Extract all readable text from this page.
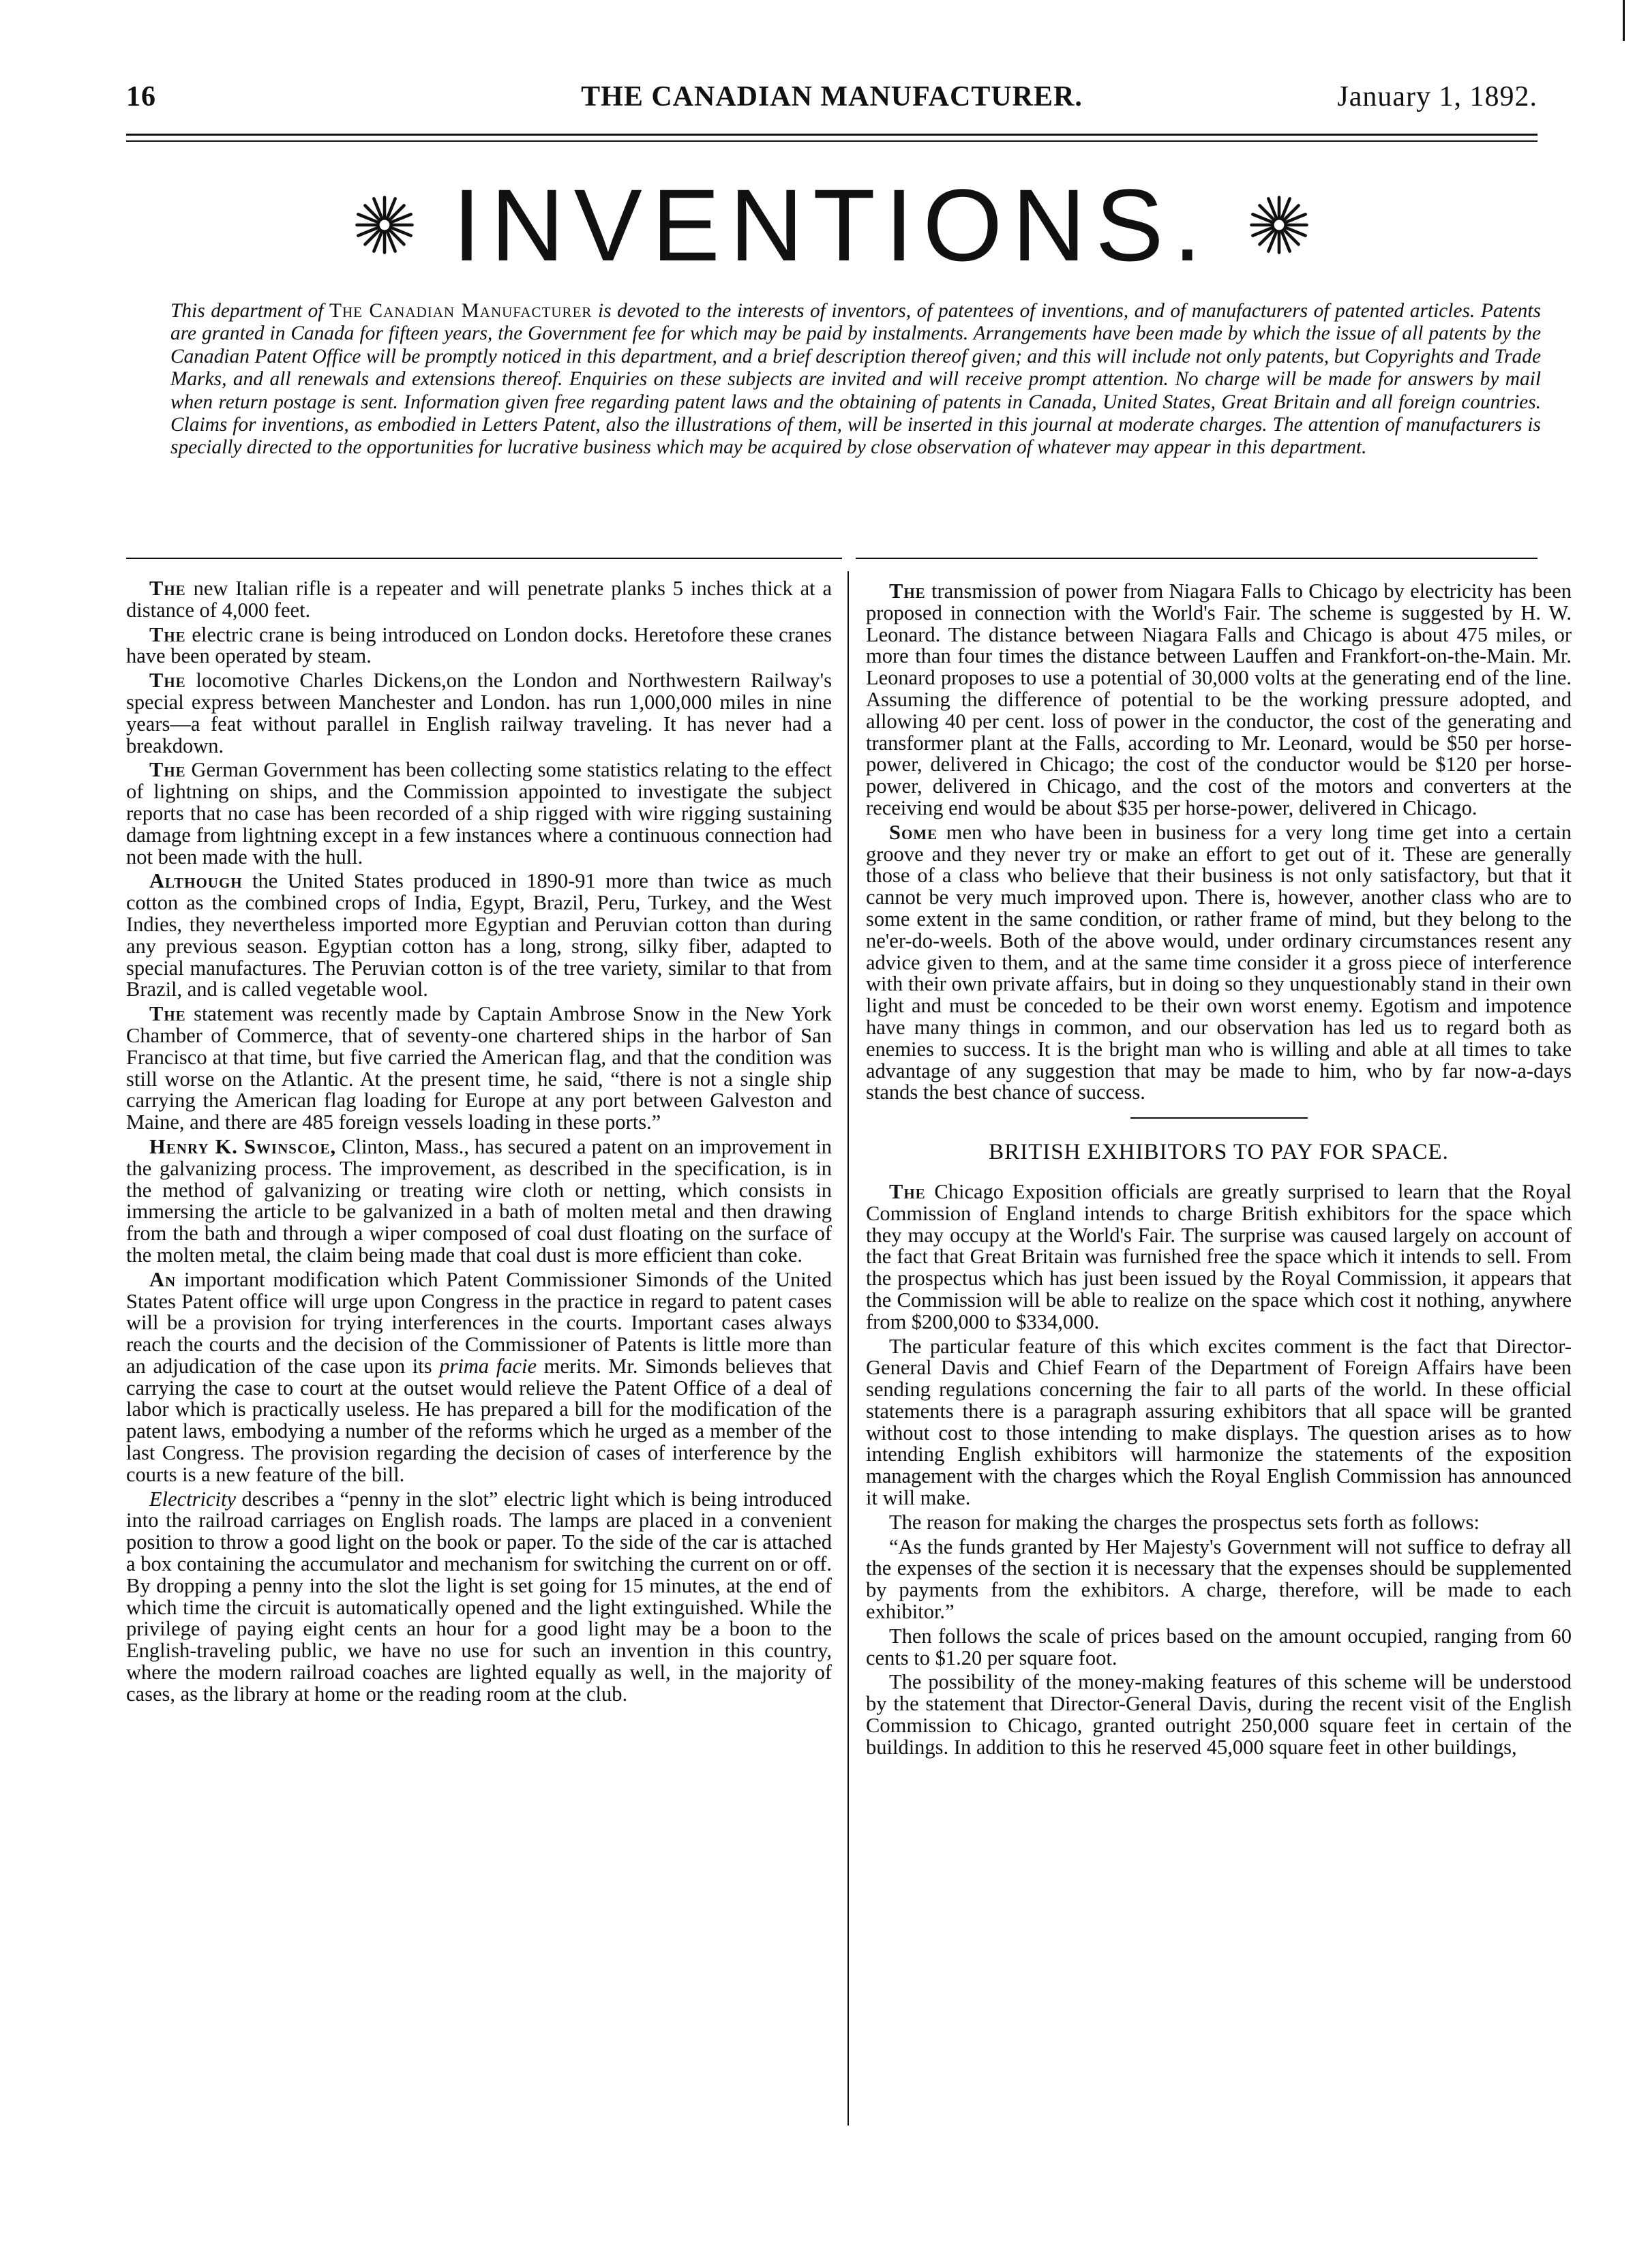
16	THE CANADIAN MANUFACTURER.	January 1, 1892.
INVENTIONS.
This department of The Canadian Manufacturer is devoted to the interests of inventors, of patentees of inventions, and of manufacturers of patented articles. Patents are granted in Canada for fifteen years, the Government fee for which may be paid by instalments. Arrangements have been made by which the issue of all patents by the Canadian Patent Office will be promptly noticed in this department, and a brief description thereof given; and this will include not only patents, but Copyrights and Trade Marks, and all renewals and extensions thereof. Enquiries on these subjects are invited and will receive prompt attention. No charge will be made for answers by mail when return postage is sent. Information given free regarding patent laws and the obtaining of patents in Canada, United States, Great Britain and all foreign countries. Claims for inventions, as embodied in Letters Patent, also the illustrations of them, will be inserted in this journal at moderate charges. The attention of manufacturers is specially directed to the opportunities for lucrative business which may be acquired by close observation of whatever may appear in this department.

The new Italian rifle is a repeater and will penetrate planks 5 inches thick at a distance of 4,000 feet.

The electric crane is being introduced on London docks. Heretofore these cranes have been operated by steam.

The locomotive Charles Dickens,on the London and Northwestern Railway's special express between Manchester and London. has run 1,000,000 miles in nine years—a feat without parallel in English railway traveling. It has never had a breakdown.

The German Government has been collecting some statistics relating to the effect of lightning on ships, and the Commission appointed to investigate the subject reports that no case has been recorded of a ship rigged with wire rigging sustaining damage from lightning except in a few instances where a continuous connection had not been made with the hull.

Although the United States produced in 1890-91 more than twice as much cotton as the combined crops of India, Egypt, Brazil, Peru, Turkey, and the West Indies, they nevertheless imported more Egyptian and Peruvian cotton than during any previous season. Egyptian cotton has a long, strong, silky fiber, adapted to special manufactures. The Peruvian cotton is of the tree variety, similar to that from Brazil, and is called vegetable wool.

The statement was recently made by Captain Ambrose Snow in the New York Chamber of Commerce, that of seventy-one chartered ships in the harbor of San Francisco at that time, but five carried the American flag, and that the condition was still worse on the Atlantic. At the present time, he said, “there is not a single ship carrying the American flag loading for Europe at any port between Galveston and Maine, and there are 485 foreign vessels loading in these ports.”

Henry K. Swinscoe, Clinton, Mass., has secured a patent on an improvement in the galvanizing process. The improvement, as described in the specification, is in the method of galvanizing or treating wire cloth or netting, which consists in immersing the article to be galvanized in a bath of molten metal and then drawing from the bath and through a wiper composed of coal dust floating on the surface of the molten metal, the claim being made that coal dust is more efficient than coke.

An important modification which Patent Commissioner Simonds of the United States Patent office will urge upon Congress in the practice in regard to patent cases will be a provision for trying interferences in the courts. Important cases always reach the courts and the decision of the Commissioner of Patents is little more than an adjudication of the case upon its prima facie merits. Mr. Simonds believes that carrying the case to court at the outset would relieve the Patent Office of a deal of labor which is practically useless. He has prepared a bill for the modification of the patent laws, embodying a number of the reforms which he urged as a member of the last Congress. The provision regarding the decision of cases of interference by the courts is a new feature of the bill.

Electricity describes a “penny in the slot” electric light which is being introduced into the railroad carriages on English roads. The lamps are placed in a convenient position to throw a good light on the book or paper. To the side of the car is attached a box containing the accumulator and mechanism for switching the current on or off. By dropping a penny into the slot the light is set going for 15 minutes, at the end of which time the circuit is automatically opened and the light extinguished. While the privilege of paying eight cents an hour for a good light may be a boon to the English-traveling public, we have no use for such an invention in this country, where the modern railroad coaches are lighted equally as well, in the majority of cases, as the library at home or the reading room at the club.

The transmission of power from Niagara Falls to Chicago by electricity has been proposed in connection with the World's Fair. The scheme is suggested by H. W. Leonard. The distance between Niagara Falls and Chicago is about 475 miles, or more than four times the distance between Lauffen and Frankfort-on-the-Main. Mr. Leonard proposes to use a potential of 30,000 volts at the generating end of the line. Assuming the difference of potential to be the working pressure adopted, and allowing 40 per cent. loss of power in the conductor, the cost of the generating and transformer plant at the Falls, according to Mr. Leonard, would be $50 per horse-power, delivered in Chicago; the cost of the conductor would be $120 per horse-power, delivered in Chicago, and the cost of the motors and converters at the receiving end would be about $35 per horse-power, delivered in Chicago.

Some men who have been in business for a very long time get into a certain groove and they never try or make an effort to get out of it. These are generally those of a class who believe that their business is not only satisfactory, but that it cannot be very much improved upon. There is, however, another class who are to some extent in the same condition, or rather frame of mind, but they belong to the ne'er-do-weels. Both of the above would, under ordinary circumstances resent any advice given to them, and at the same time consider it a gross piece of interference with their own private affairs, but in doing so they unquestionably stand in their own light and must be conceded to be their own worst enemy. Egotism and impotence have many things in common, and our observation has led us to regard both as enemies to success. It is the bright man who is willing and able at all times to take advantage of any suggestion that may be made to him, who by far now-a-days stands the best chance of success.

BRITISH EXHIBITORS TO PAY FOR SPACE.

The Chicago Exposition officials are greatly surprised to learn that the Royal Commission of England intends to charge British exhibitors for the space which they may occupy at the World's Fair. The surprise was caused largely on account of the fact that Great Britain was furnished free the space which it intends to sell. From the prospectus which has just been issued by the Royal Commission, it appears that the Commission will be able to realize on the space which cost it nothing, anywhere from $200,000 to $334,000.

The particular feature of this which excites comment is the fact that Director-General Davis and Chief Fearn of the Department of Foreign Affairs have been sending regulations concerning the fair to all parts of the world. In these official statements there is a paragraph assuring exhibitors that all space will be granted without cost to those intending to make displays. The question arises as to how intending English exhibitors will harmonize the statements of the exposition management with the charges which the Royal English Commission has announced it will make.

The reason for making the charges the prospectus sets forth as follows:

“As the funds granted by Her Majesty's Government will not suffice to defray all the expenses of the section it is necessary that the expenses should be supplemented by payments from the exhibitors. A charge, therefore, will be made to each exhibitor.”

Then follows the scale of prices based on the amount occupied, ranging from 60 cents to $1.20 per square foot.

The possibility of the money-making features of this scheme will be understood by the statement that Director-General Davis, during the recent visit of the English Commission to Chicago, granted outright 250,000 square feet in certain of the buildings. In addition to this he reserved 45,000 square feet in other buildings,
